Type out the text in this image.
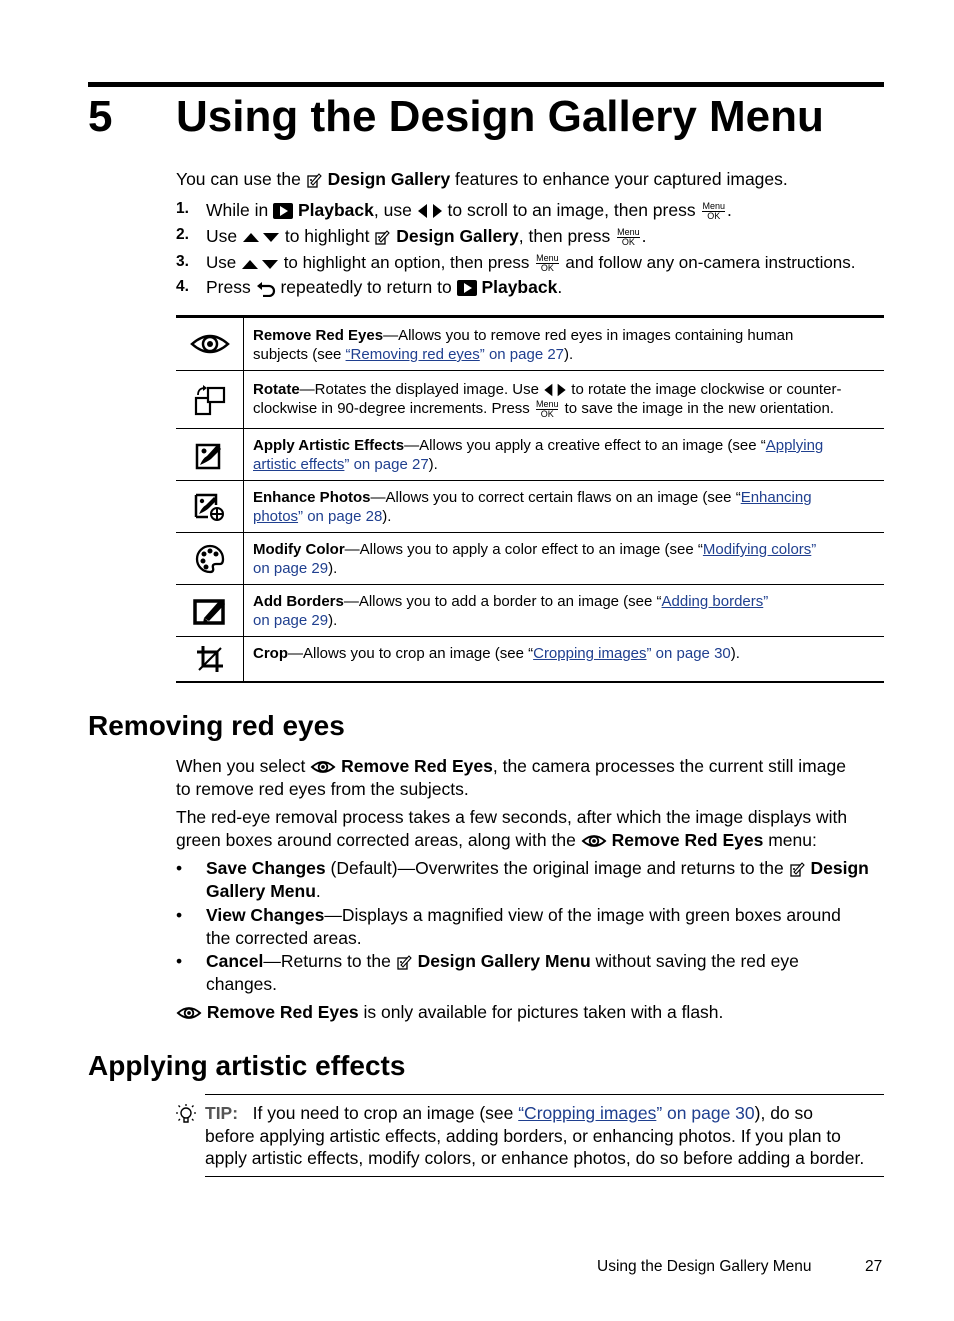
5 Using the Design Gallery Menu
You can use the  Design Gallery features to enhance your captured images.
1. While in  Playback, use  to scroll to an image, then press Menu
OK .
2. Use  to highlight  Design Gallery, then press Menu
OK .
3. Use  to highlight an option, then press Menu
OK and follow any on-camera instructions.
4. Press  repeatedly to return to  Playback.
Remove Red Eyes—Allows you to remove red eyes in images containing human
subjects (see “Removing red eyes” on page 27).
Rotate—Rotates the displayed image. Use  to rotate the image clockwise or counter-
clockwise in 90-degree increments. Press Menu
OK to save the image in the new orientation.
Apply Artistic Effects—Allows you apply a creative effect to an image (see “Applying
artistic effects” on page 27).
Enhance Photos—Allows you to correct certain flaws on an image (see “Enhancing
photos” on page 28).
Modify Color—Allows you to apply a color effect to an image (see “Modifying colors”
on page 29).
Add Borders—Allows you to add a border to an image (see “Adding borders”
on page 29).
Crop—Allows you to crop an image (see “Cropping images” on page 30).
Removing red eyes
When you select  Remove Red Eyes, the camera processes the current still image
to remove red eyes from the subjects.
The red-eye removal process takes a few seconds, after which the image displays with
green boxes around corrected areas, along with the  Remove Red Eyes menu:
• Save Changes (Default)—Overwrites the original image and returns to the  Design
Gallery Menu.
• View Changes—Displays a magnified view of the image with green boxes around
the corrected areas.
• Cancel—Returns to the  Design Gallery Menu without saving the red eye
changes.
Remove Red Eyes is only available for pictures taken with a flash.
Applying artistic effects
TIP: If you need to crop an image (see “Cropping images” on page 30), do so
before applying artistic effects, adding borders, or enhancing photos. If you plan to
apply artistic effects, modify colors, or enhance photos, do so before adding a border.
Using the Design Gallery Menu	27
